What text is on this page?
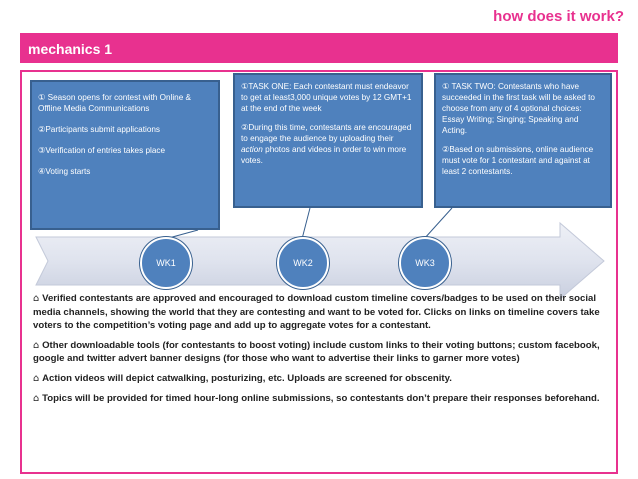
how does it work?
mechanics 1

① Season opens for contest with Online & Offline Media Communications

②Participants submit applications

③Verification of entries takes place

④Voting starts

①TASK ONE: Each contestant must endeavor to get at least3,000 unique votes by 12 GMT+1 at the end of the week

②During this time, contestants are encouraged to engage the audience by uploading their action photos and videos in order to win more votes.

① TASK TWO: Contestants who have succeeded in the first task will be asked to choose from any of 4 optional choices: Essay Writing; Singing; Speaking and Acting.

②Based on submissions, online audience must vote for 1 contestant and against at least 2 contestants.

WK1	WK2	WK3
⌂ Verified contestants are approved and encouraged to download custom timeline covers/badges to be used on their social media channels, showing the world that they are contesting and want to be voted for. Clicks on links on timeline covers take voters to the competition’s voting page and add up to aggregate votes for a contestant.
⌂ Other downloadable tools (for contestants to boost voting) include custom links to their voting buttons; custom facebook, google and twitter advert banner designs (for those who want to advertise their links to garner more votes)
⌂ Action videos will depict catwalking, posturizing, etc. Uploads are screened for obscenity.
⌂ Topics will be provided for timed hour-long online submissions, so contestants don’t prepare their responses beforehand.
